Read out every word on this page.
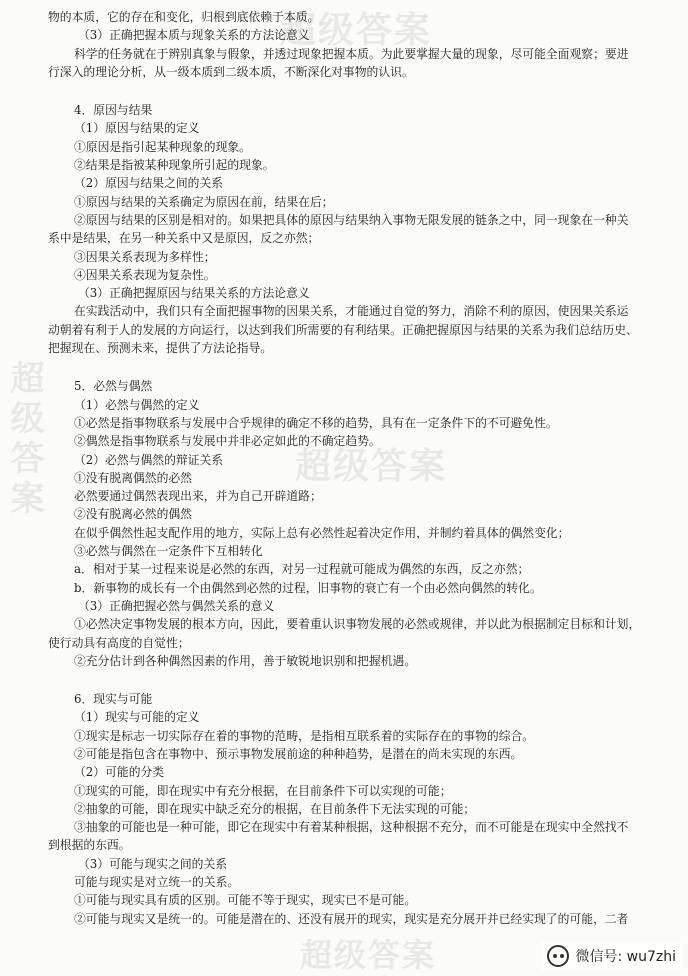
超级答案
超级答案
超级答案
超级答案
物的本质，它的存在和变化，归根到底依赖于本质。
（3）正确把握本质与现象关系的方法论意义
科学的任务就在于辨别真象与假象，并透过现象把握本质。为此要掌握大量的现象，尽可能全面观察；要进
行深入的理论分析，从一级本质到二级本质，不断深化对事物的认识。
4．原因与结果
（1）原因与结果的定义
①原因是指引起某种现象的现象。
②结果是指被某种现象所引起的现象。
（2）原因与结果之间的关系
①原因与结果的关系确定为原因在前，结果在后；
②原因与结果的区别是相对的。如果把具体的原因与结果纳入事物无限发展的链条之中，同一现象在一种关
系中是结果，在另一种关系中又是原因，反之亦然；
③因果关系表现为多样性；
④因果关系表现为复杂性。
（3）正确把握原因与结果关系的方法论意义
在实践活动中，我们只有全面把握事物的因果关系，才能通过自觉的努力，消除不利的原因，使因果关系运
动朝着有利于人的发展的方向运行，以达到我们所需要的有利结果。正确把握原因与结果的关系为我们总结历史、
把握现在、预测未来，提供了方法论指导。
5．必然与偶然
（1）必然与偶然的定义
①必然是指事物联系与发展中合乎规律的确定不移的趋势，具有在一定条件下的不可避免性。
②偶然是指事物联系与发展中并非必定如此的不确定趋势。
（2）必然与偶然的辩证关系
①没有脱离偶然的必然
必然要通过偶然表现出来，并为自己开辟道路；
②没有脱离必然的偶然
在似乎偶然性起支配作用的地方，实际上总有必然性起着决定作用，并制约着具体的偶然变化；
③必然与偶然在一定条件下互相转化
a．相对于某一过程来说是必然的东西，对另一过程就可能成为偶然的东西，反之亦然；
b．新事物的成长有一个由偶然到必然的过程，旧事物的衰亡有一个由必然向偶然的转化。
（3）正确把握必然与偶然关系的意义
①必然决定事物发展的根本方向，因此，要着重认识事物发展的必然或规律，并以此为根据制定目标和计划，
使行动具有高度的自觉性；
②充分估计到各种偶然因素的作用，善于敏锐地识别和把握机遇。
6．现实与可能
（1）现实与可能的定义
①现实是标志一切实际存在着的事物的范畴，是指相互联系着的实际存在的事物的综合。
②可能是指包含在事物中、预示事物发展前途的种种趋势，是潜在的尚未实现的东西。
（2）可能的分类
①现实的可能，即在现实中有充分根据，在目前条件下可以实现的可能；
②抽象的可能，即在现实中缺乏充分的根据，在目前条件下无法实现的可能；
③抽象的可能也是一种可能，即它在现实中有着某种根据，这种根据不充分，而不可能是在现实中全然找不
到根据的东西。
（3）可能与现实之间的关系
可能与现实是对立统一的关系。
①可能与现实具有质的区别。可能不等于现实，现实已不是可能。
②可能与现实又是统一的。可能是潜在的、还没有展开的现实，现实是充分展开并已经实现了的可能，二者
微信号: wu7zhi
